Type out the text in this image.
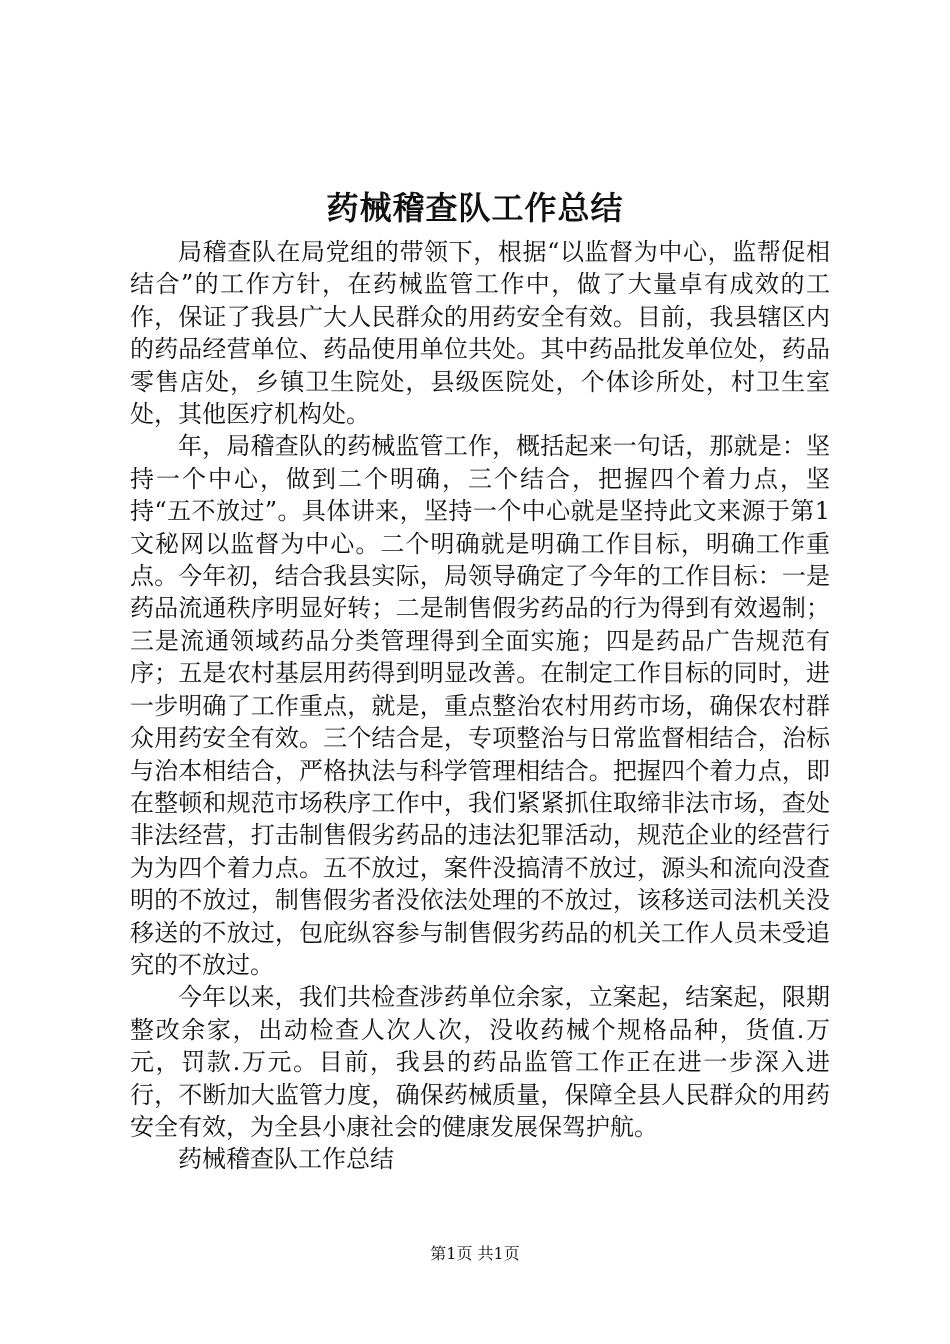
药械稽查队工作总结

局稽查队在局党组的带领下，根据“以监督为中心，监帮促相结合”的工作方针，在药械监管工作中，做了大量卓有成效的工作，保证了我县广大人民群众的用药安全有效。目前，我县辖区内的药品经营单位、药品使用单位共处。其中药品批发单位处，药品零售店处，乡镇卫生院处，县级医院处，个体诊所处，村卫生室处，其他医疗机构处。

年，局稽查队的药械监管工作，概括起来一句话，那就是：坚持一个中心，做到二个明确，三个结合，把握四个着力点，坚持“五不放过”。具体讲来，坚持一个中心就是坚持此文来源于第1文秘网以监督为中心。二个明确就是明确工作目标，明确工作重点。今年初，结合我县实际，局领导确定了今年的工作目标：一是药品流通秩序明显好转；二是制售假劣药品的行为得到有效遏制；三是流通领域药品分类管理得到全面实施；四是药品广告规范有序；五是农村基层用药得到明显改善。在制定工作目标的同时，进一步明确了工作重点，就是，重点整治农村用药市场，确保农村群众用药安全有效。三个结合是，专项整治与日常监督相结合，治标与治本相结合，严格执法与科学管理相结合。把握四个着力点，即在整顿和规范市场秩序工作中，我们紧紧抓住取缔非法市场，查处非法经营，打击制售假劣药品的违法犯罪活动，规范企业的经营行为为四个着力点。五不放过，案件没搞清不放过，源头和流向没查明的不放过，制售假劣者没依法处理的不放过，该移送司法机关没移送的不放过，包庇纵容参与制售假劣药品的机关工作人员未受追究的不放过。

今年以来，我们共检查涉药单位余家，立案起，结案起，限期整改余家，出动检查人次人次，没收药械个规格品种，货值.万元，罚款.万元。目前，我县的药品监管工作正在进一步深入进行，不断加大监管力度，确保药械质量，保障全县人民群众的用药安全有效，为全县小康社会的健康发展保驾护航。

药械稽查队工作总结

第1页 共1页
